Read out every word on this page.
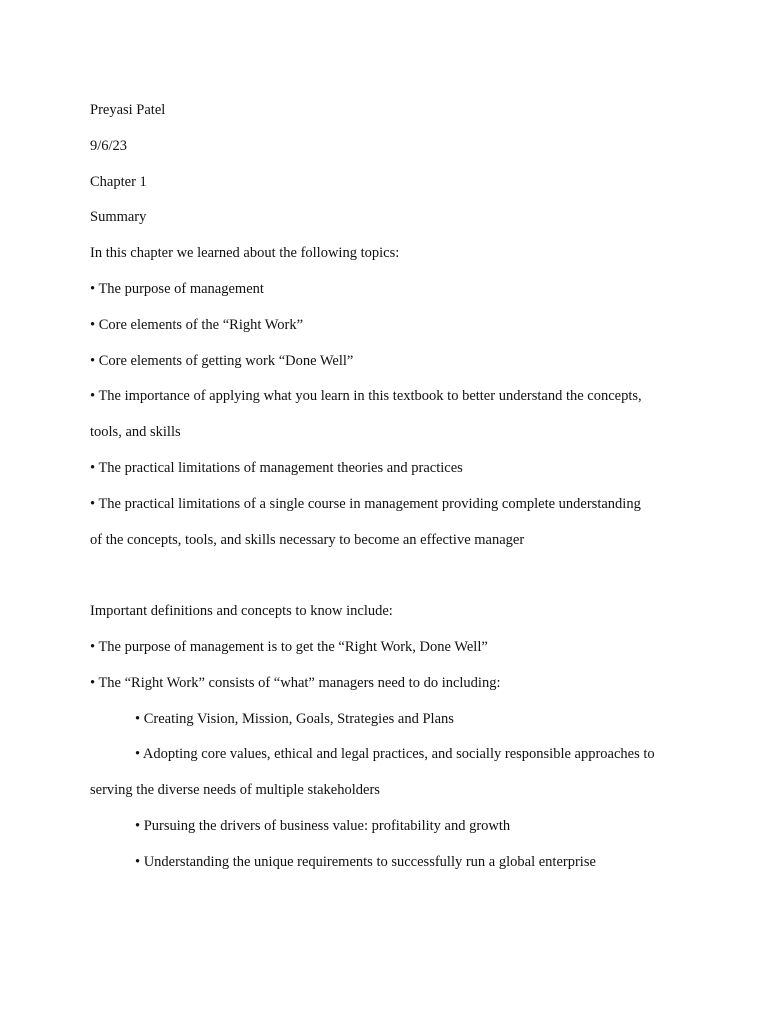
Preyasi Patel

9/6/23

Chapter 1

Summary

In this chapter we learned about the following topics:

• The purpose of management

• Core elements of the “Right Work”

• Core elements of getting work “Done Well”

• The importance of applying what you learn in this textbook to better understand the concepts,

tools, and skills

• The practical limitations of management theories and practices

• The practical limitations of a single course in management providing complete understanding

of the concepts, tools, and skills necessary to become an effective manager

Important definitions and concepts to know include:

• The purpose of management is to get the “Right Work, Done Well”

• The “Right Work” consists of “what” managers need to do including:

• Creating Vision, Mission, Goals, Strategies and Plans

• Adopting core values, ethical and legal practices, and socially responsible approaches to

serving the diverse needs of multiple stakeholders

• Pursuing the drivers of business value: profitability and growth

• Understanding the unique requirements to successfully run a global enterprise
